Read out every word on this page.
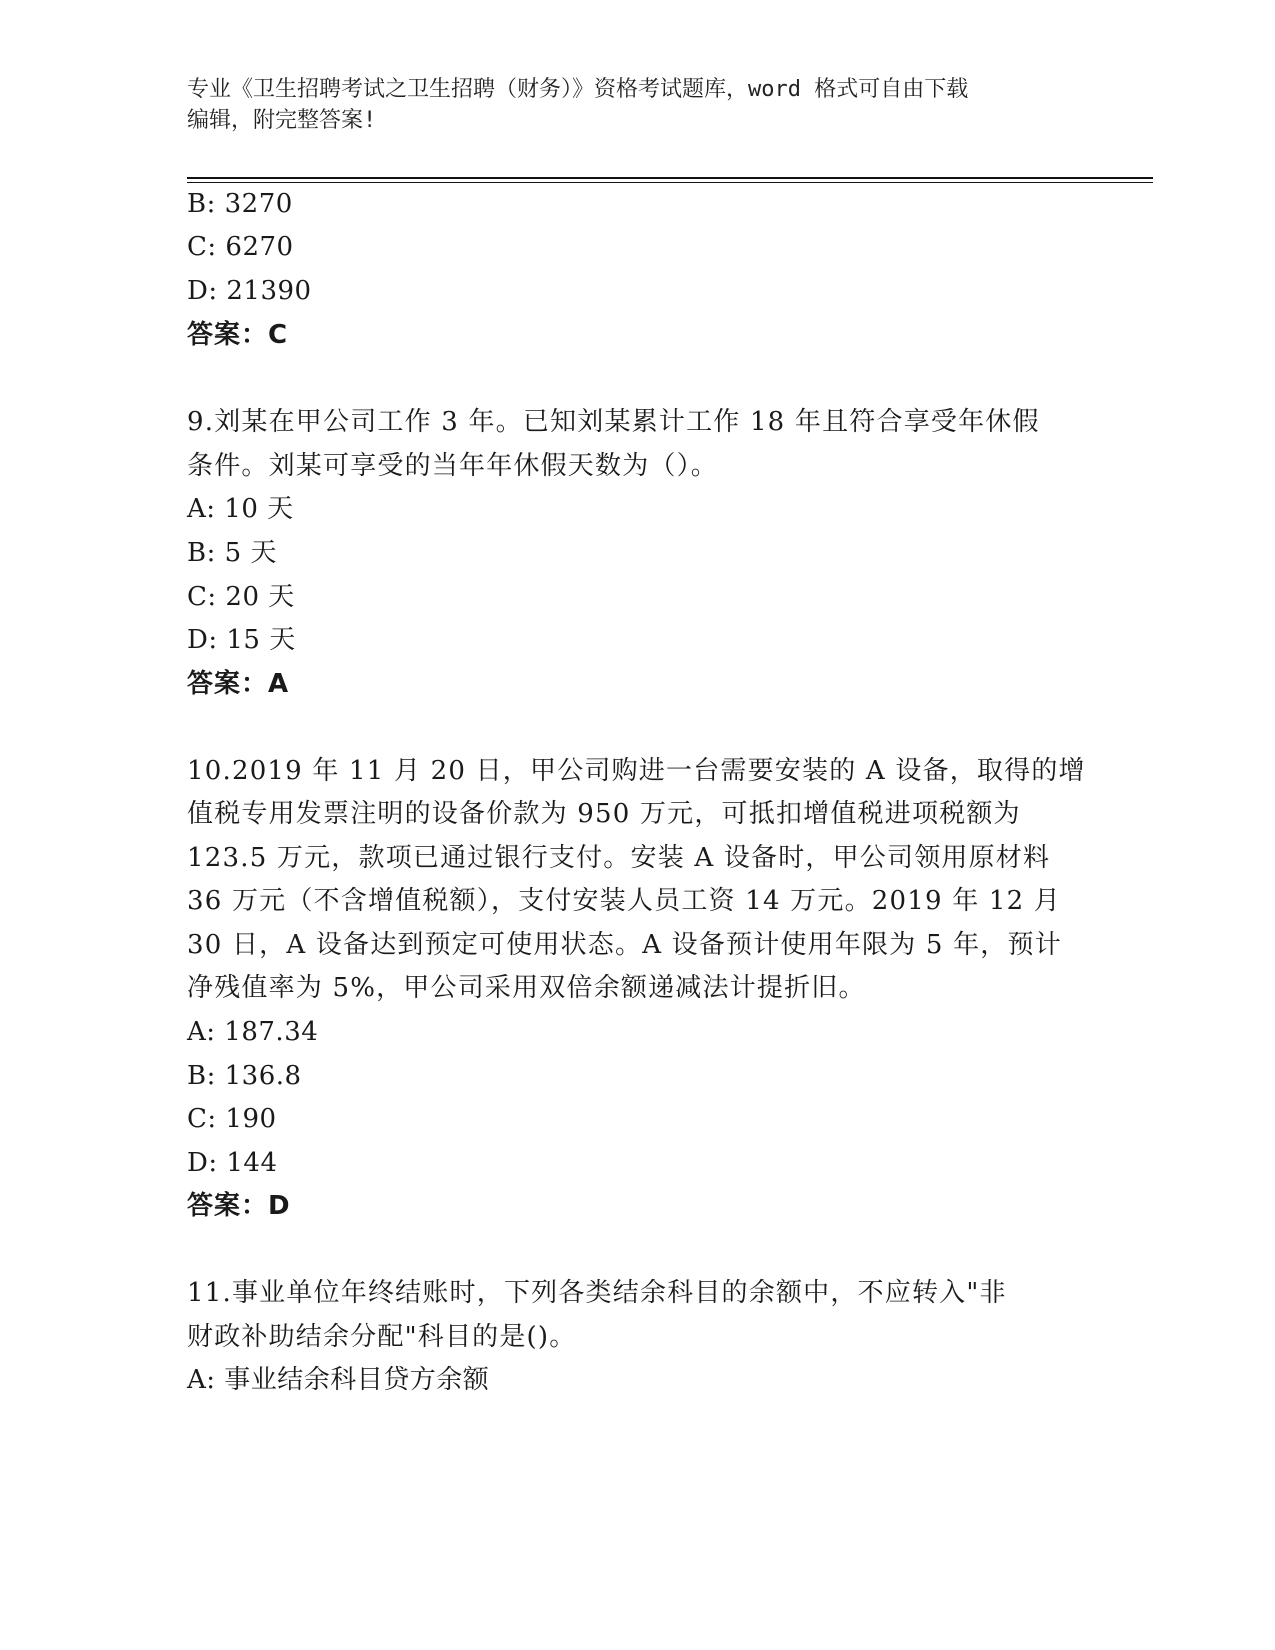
专业《卫生招聘考试之卫生招聘（财务）》资格考试题库，word 格式可自由下载
编辑，附完整答案!
B: 3270
C: 6270
D: 21390
答案：C
9.刘某在甲公司工作 3 年。已知刘某累计工作 18 年且符合享受年休假
条件。刘某可享受的当年年休假天数为（）。
A: 10 天
B: 5 天
C: 20 天
D: 15 天
答案：A
10.2019 年 11 月 20 日，甲公司购进一台需要安装的 A 设备，取得的增
值税专用发票注明的设备价款为 950 万元，可抵扣增值税进项税额为
123.5 万元，款项已通过银行支付。安装 A 设备时，甲公司领用原材料
36 万元（不含增值税额），支付安装人员工资 14 万元。2019 年 12 月
30 日，A 设备达到预定可使用状态。A 设备预计使用年限为 5 年，预计
净残值率为 5%，甲公司采用双倍余额递减法计提折旧。
A: 187.34
B: 136.8
C: 190
D: 144
答案：D
11.事业单位年终结账时，下列各类结余科目的余额中，不应转入"非
财政补助结余分配"科目的是()。
A: 事业结余科目贷方余额
